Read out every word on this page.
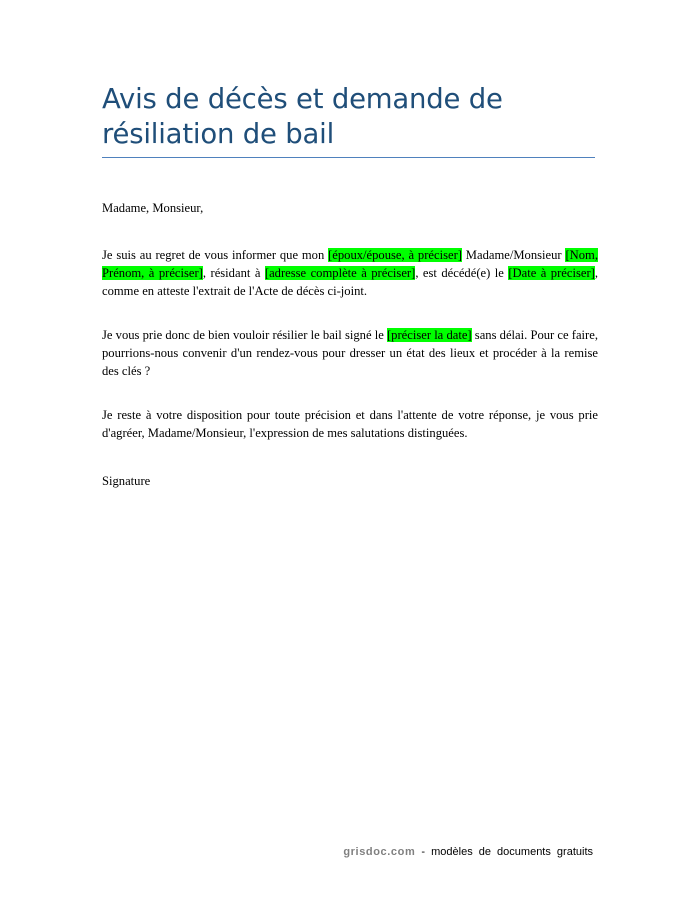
Avis de décès et demande de résiliation de bail

Madame, Monsieur,

Je suis au regret de vous informer que mon [époux/épouse, à préciser] Madame/Monsieur [Nom, Prénom, à préciser], résidant à [adresse complète à préciser], est décédé(e) le [Date à préciser], comme en atteste l'extrait de l'Acte de décès ci-joint.

Je vous prie donc de bien vouloir résilier le bail signé le [préciser la date] sans délai. Pour ce faire, pourrions-nous convenir d'un rendez-vous pour dresser un état des lieux et procéder à la remise des clés ?

Je reste à votre disposition pour toute précision et dans l'attente de votre réponse, je vous prie d'agréer, Madame/Monsieur, l'expression de mes salutations distinguées.

Signature

grisdoc.com - modèles de documents gratuits
